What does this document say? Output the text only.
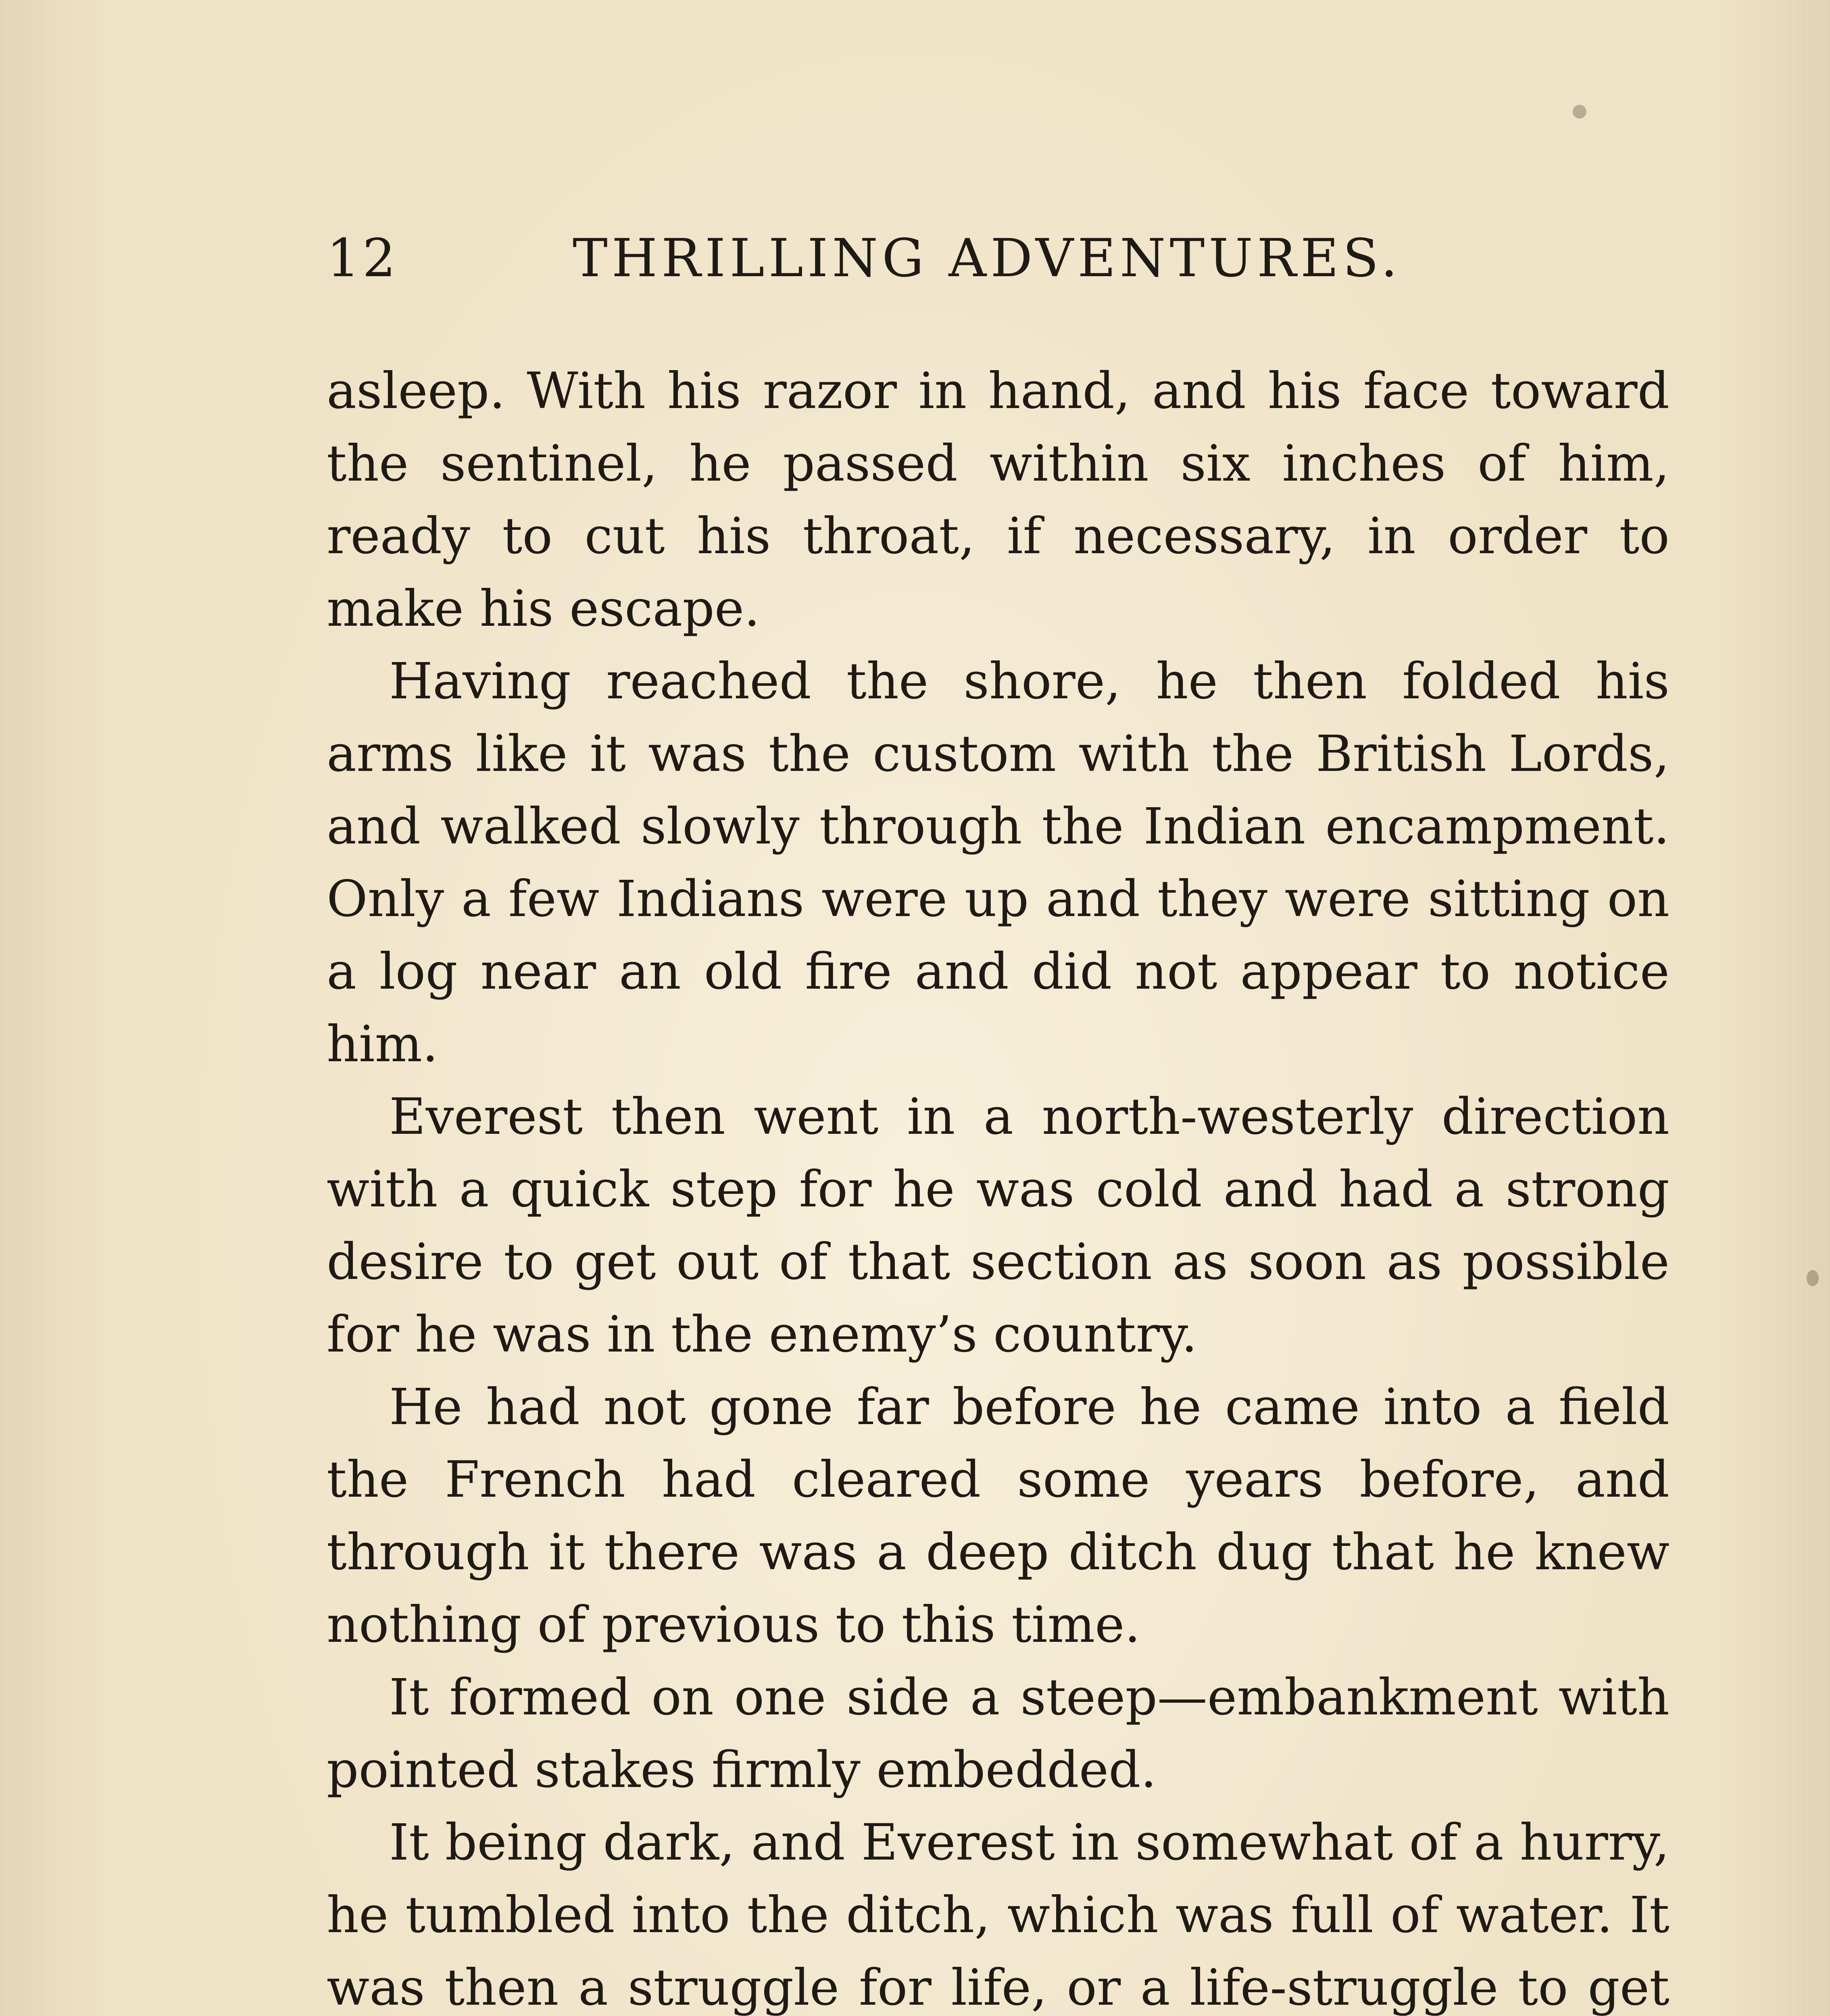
12	THRILLING ADVENTURES.

asleep. With his razor in hand, and his face toward the sentinel, he passed within six inches of him, ready to cut his throat, if necessary, in order to make his escape.

Having reached the shore, he then folded his arms like it was the custom with the British Lords, and walked slowly through the Indian encampment. Only a few Indians were up and they were sitting on a log near an old fire and did not appear to notice him.

Everest then went in a north-westerly direction with a quick step for he was cold and had a strong desire to get out of that section as soon as possible for he was in the enemy’s country.

He had not gone far before he came into a field the French had cleared some years before, and through it there was a deep ditch dug that he knew nothing of previous to this time.

It formed on one side a steep—embankment with pointed stakes firmly embedded.

It being dark, and Everest in somewhat of a hurry, he tumbled into the ditch, which was full of water. It was then a struggle for life, or a life-struggle to get
